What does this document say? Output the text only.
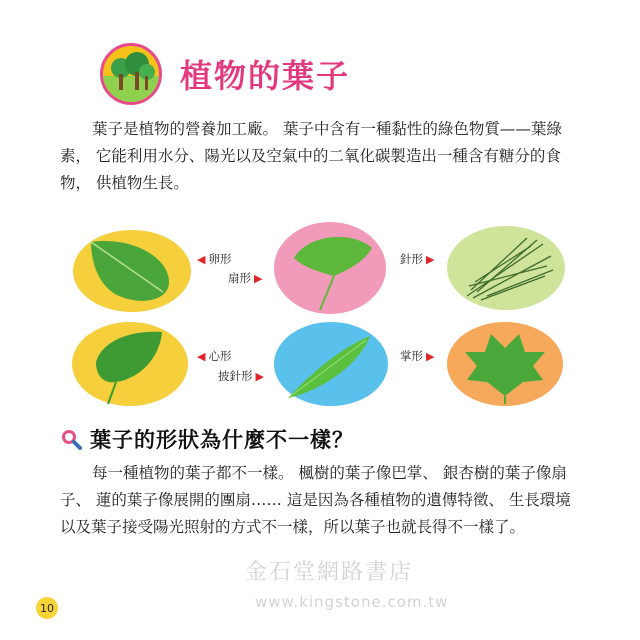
植物的葉子

葉子是植物的營養加工廠。 葉子中含有一種黏性的綠色物質——葉綠素， 它能利用水分、陽光以及空氣中的二氧化碳製造出一種含有糖分的食物， 供植物生長。

◀ 卵形
扇形 ▶
針形 ▶
◀ 心形
披針形 ▶
掌形 ▶
葉子的形狀為什麼不一樣？

每一種植物的葉子都不一樣。 楓樹的葉子像巴掌、 銀杏樹的葉子像扇子、 蓮的葉子像展開的團扇…… 這是因為各種植物的遺傳特徵、 生長環境以及葉子接受陽光照射的方式不一樣，所以葉子也就長得不一樣了。

10
金石堂網路書店
www.kingstone.com.tw
